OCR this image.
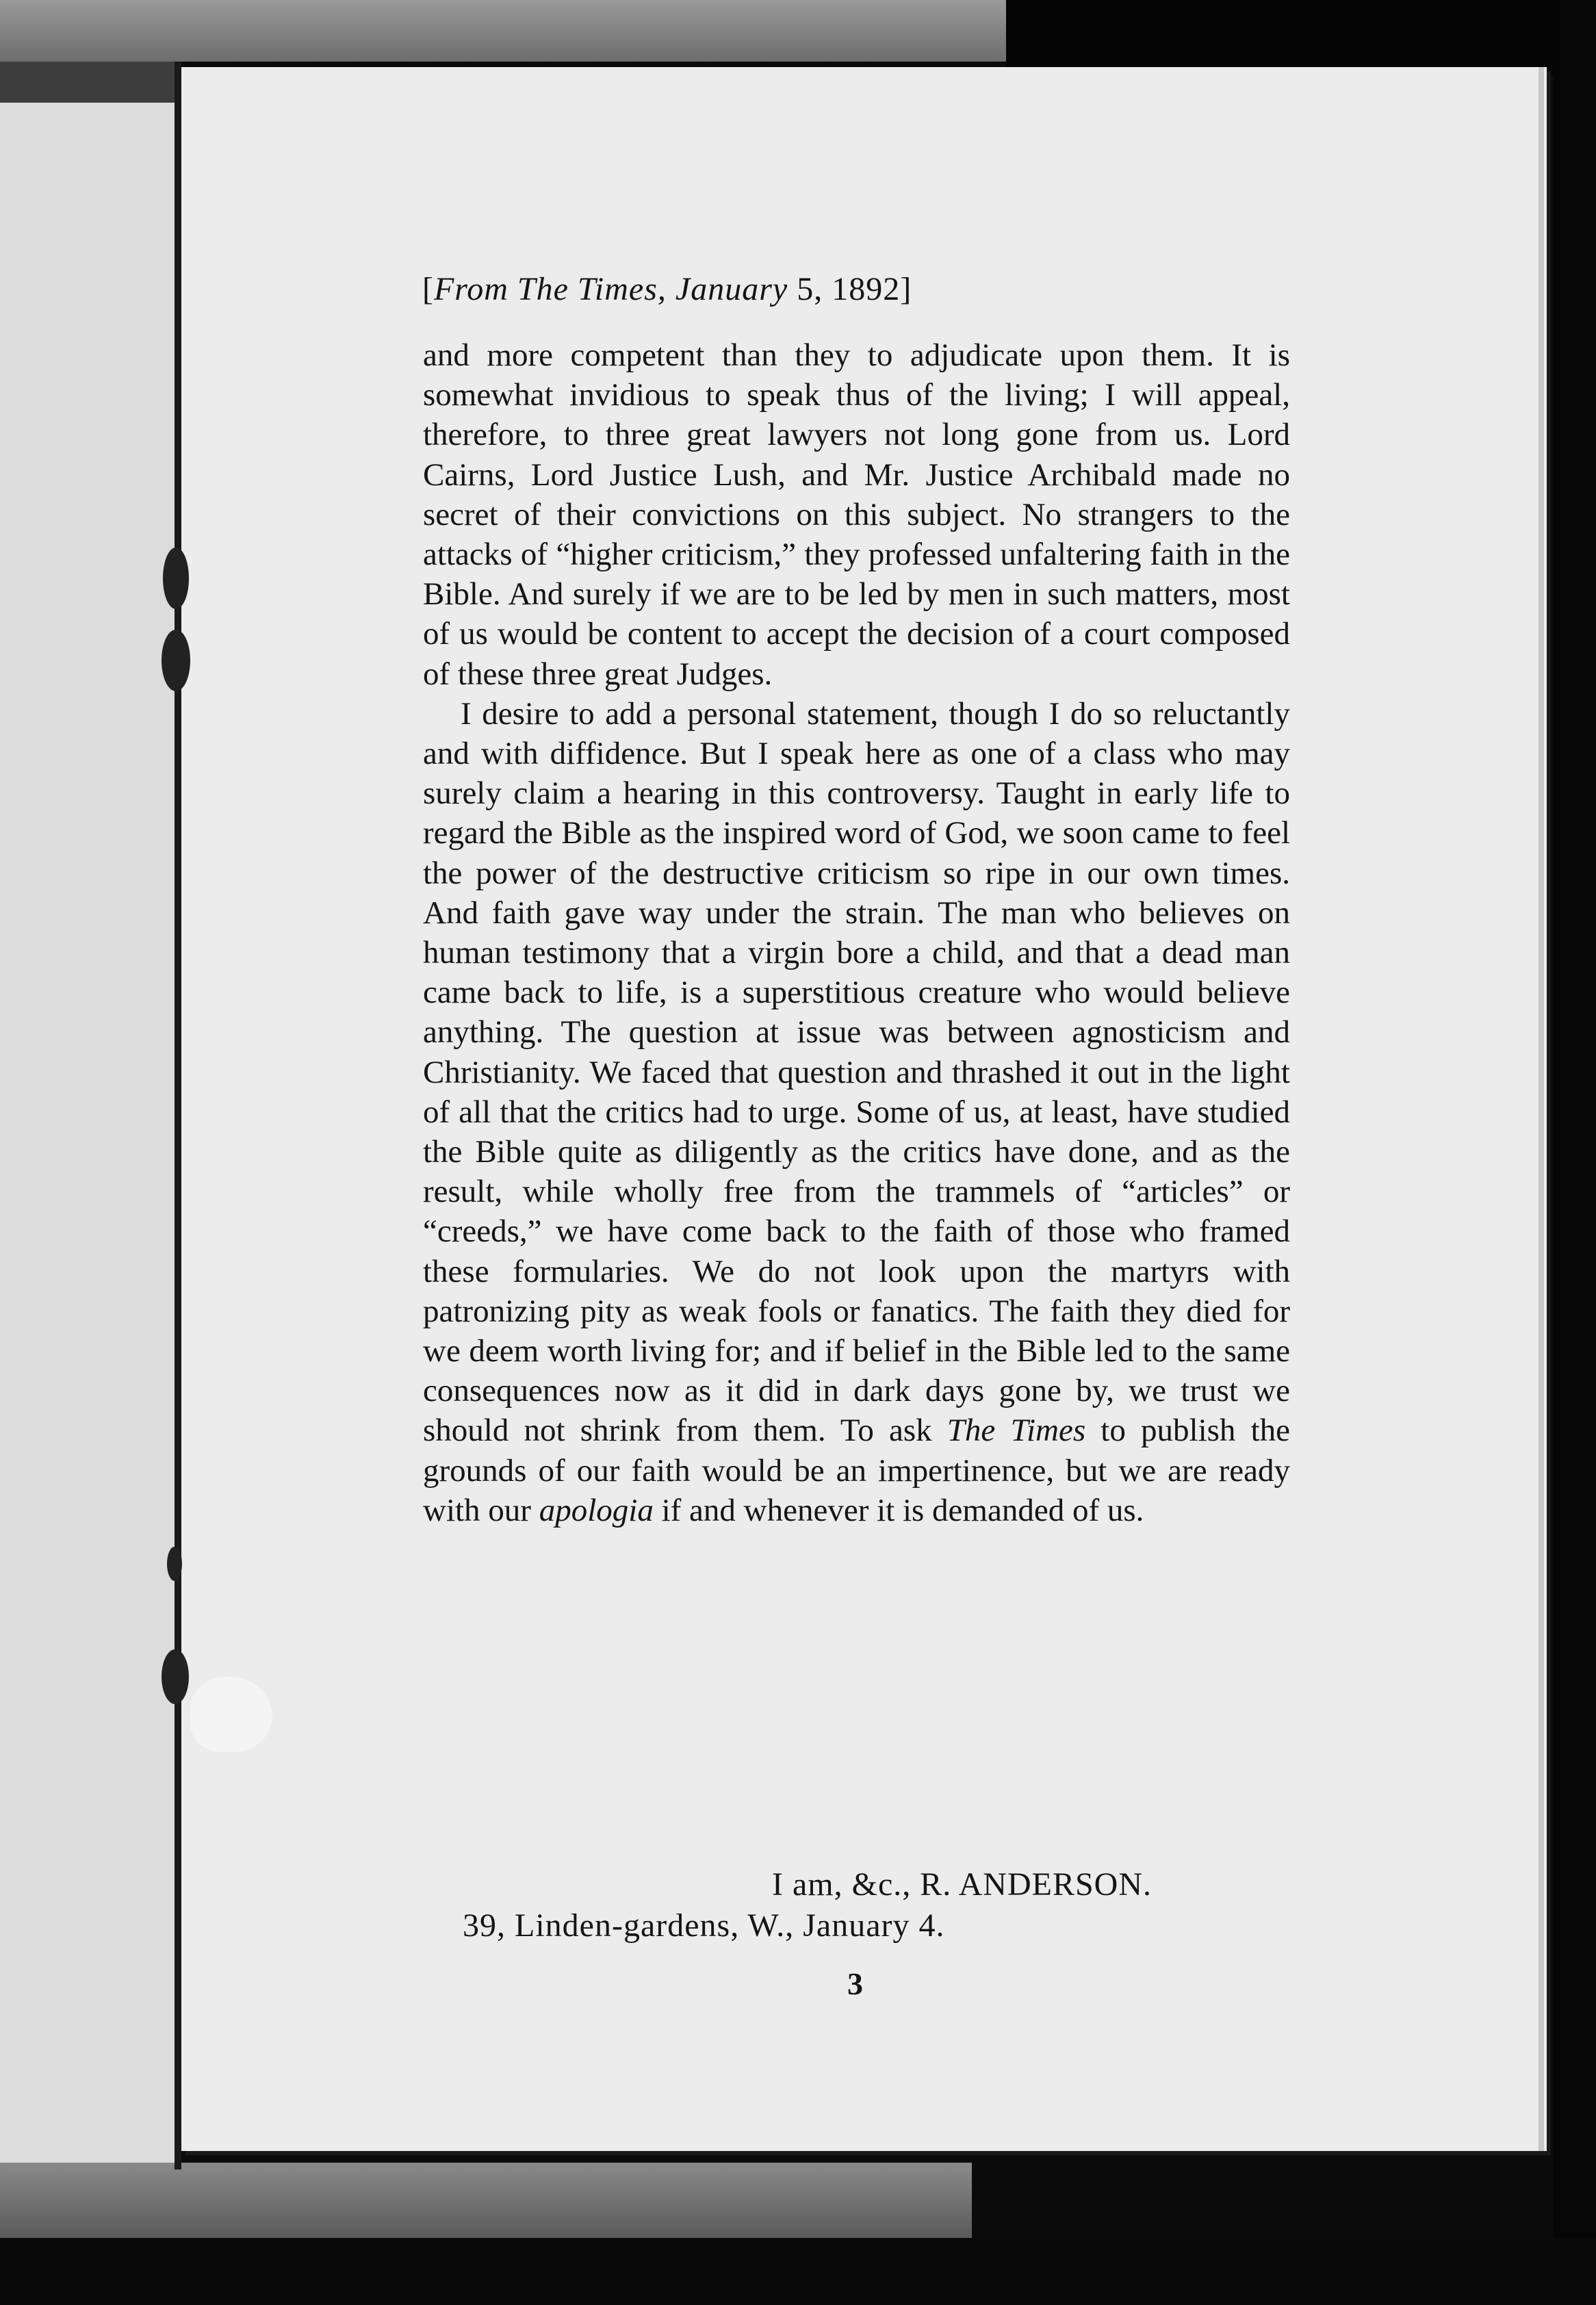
[From The Times, January 5, 1892]

and more competent than they to adjudicate upon them. It is somewhat invidious to speak thus of the living; I will appeal, therefore, to three great lawyers not long gone from us. Lord Cairns, Lord Justice Lush, and Mr. Justice Archibald made no secret of their convictions on this subject. No strangers to the attacks of “higher criticism,” they professed unfaltering faith in the Bible. And surely if we are to be led by men in such matters, most of us would be content to accept the decision of a court composed of these three great Judges.

I desire to add a personal statement, though I do so reluctantly and with diffidence. But I speak here as one of a class who may surely claim a hearing in this controversy. Taught in early life to regard the Bible as the inspired word of God, we soon came to feel the power of the destructive criticism so ripe in our own times. And faith gave way under the strain. The man who believes on human testimony that a virgin bore a child, and that a dead man came back to life, is a superstitious creature who would believe anything. The question at issue was between agnosticism and Christianity. We faced that question and thrashed it out in the light of all that the critics had to urge. Some of us, at least, have studied the Bible quite as diligently as the critics have done, and as the result, while wholly free from the trammels of “articles” or “creeds,” we have come back to the faith of those who framed these formularies. We do not look upon the martyrs with patronizing pity as weak fools or fanatics. The faith they died for we deem worth living for; and if belief in the Bible led to the same consequences now as it did in dark days gone by, we trust we should not shrink from them. To ask The Times to publish the grounds of our faith would be an impertinence, but we are ready with our apologia if and whenever it is demanded of us.

I am, &c., R. ANDERSON.
39, Linden-gardens, W., January 4.
3
